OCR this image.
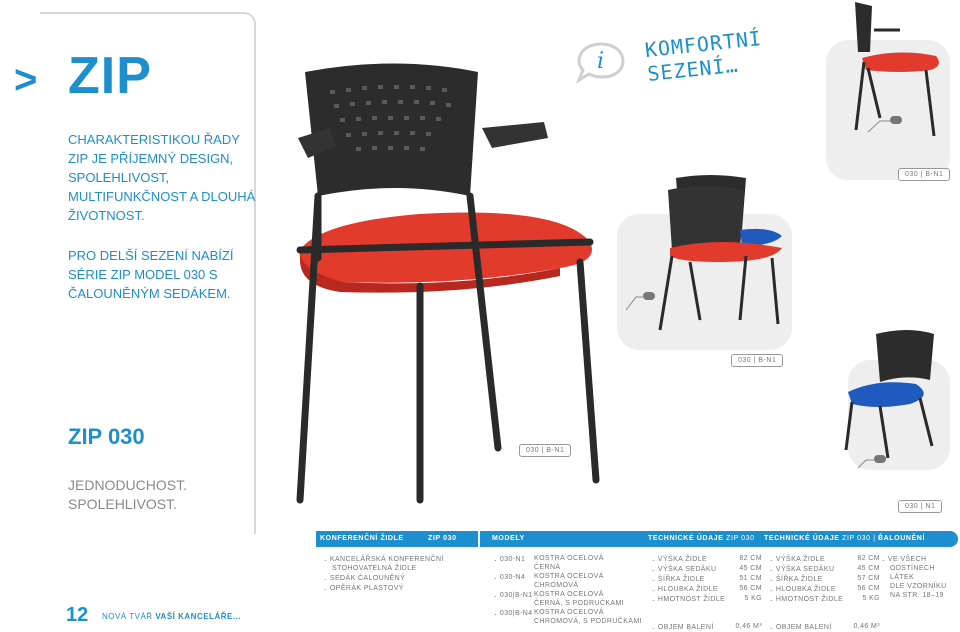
> ZIP
CHARAKTERISTIKOU ŘADY ZIP JE PŘÍJEMNÝ DESIGN, SPOLEHLIVOST, MULTIFUNKČNOST A DLOUHÁ ŽIVOTNOST.
PRO DELŠÍ SEZENÍ NABÍZÍ SÉRIE ZIP MODEL 030 S ČALOUNĚNÝM SEDÁKEM.
ZIP 030
JEDNODUCHOST.
SPOLEHLIVOST.
12 NOVÁ TVÁŘ VAŠÍ KANCELÁŘE...
i KOMFORTNÍ
SEZENÍ…
030 | B-N1
030 | B-N1
030 | B-N1
030 | N1
KONFERENČNÍ ŽIDLE	ZIP 030	MODELY	TECHNICKÉ ÚDAJE ZIP 030 TECHNICKÉ ÚDAJE ZIP 030 | B
ČALOUNĚNÍ
. KANCELÁŘSKÁ KONFERENČNÍ
STOHOVATELNÁ ŽIDLE
. SEDÁK ČALOUNĚNÝ
. OPĚRÁK PLASTOVÝ
. 030-N1	KOSTRA OCELOVÁ
ČERNÁ
. 030-N4	KOSTRA OCELOVÁ
CHROMOVÁ
. 030|B-N1 KOSTRA OCELOVÁ
ČERNÁ, S PODRUČKAMI
. 030|B-N4 KOSTRA OCELOVÁ
CHROMOVÁ, S PODRUČKAMI
. VÝŠKA ŽIDLE	82 CM
. VÝŠKA SEDÁKU	45 CM
. ŠÍŘKA ŽIDLE	51 CM
. HLOUBKA ŽIDLE	56 CM
. HMOTNOST ŽIDLE	5 KG
. OBJEM BALENÍ	0,46 M³
. VÝŠKA ŽIDLE	82 CM
. VÝŠKA SEDÁKU	45 CM
. ŠÍŘKA ŽIDLE	57 CM
. HLOUBKA ŽIDLE	56 CM
. HMOTNOST ŽIDLE	5 KG
. OBJEM BALENÍ	0,46 M³
. VE VŠECH
ODSTÍNECH LÁTEK
DLE VZORNÍKU
NA STR. 18–19
